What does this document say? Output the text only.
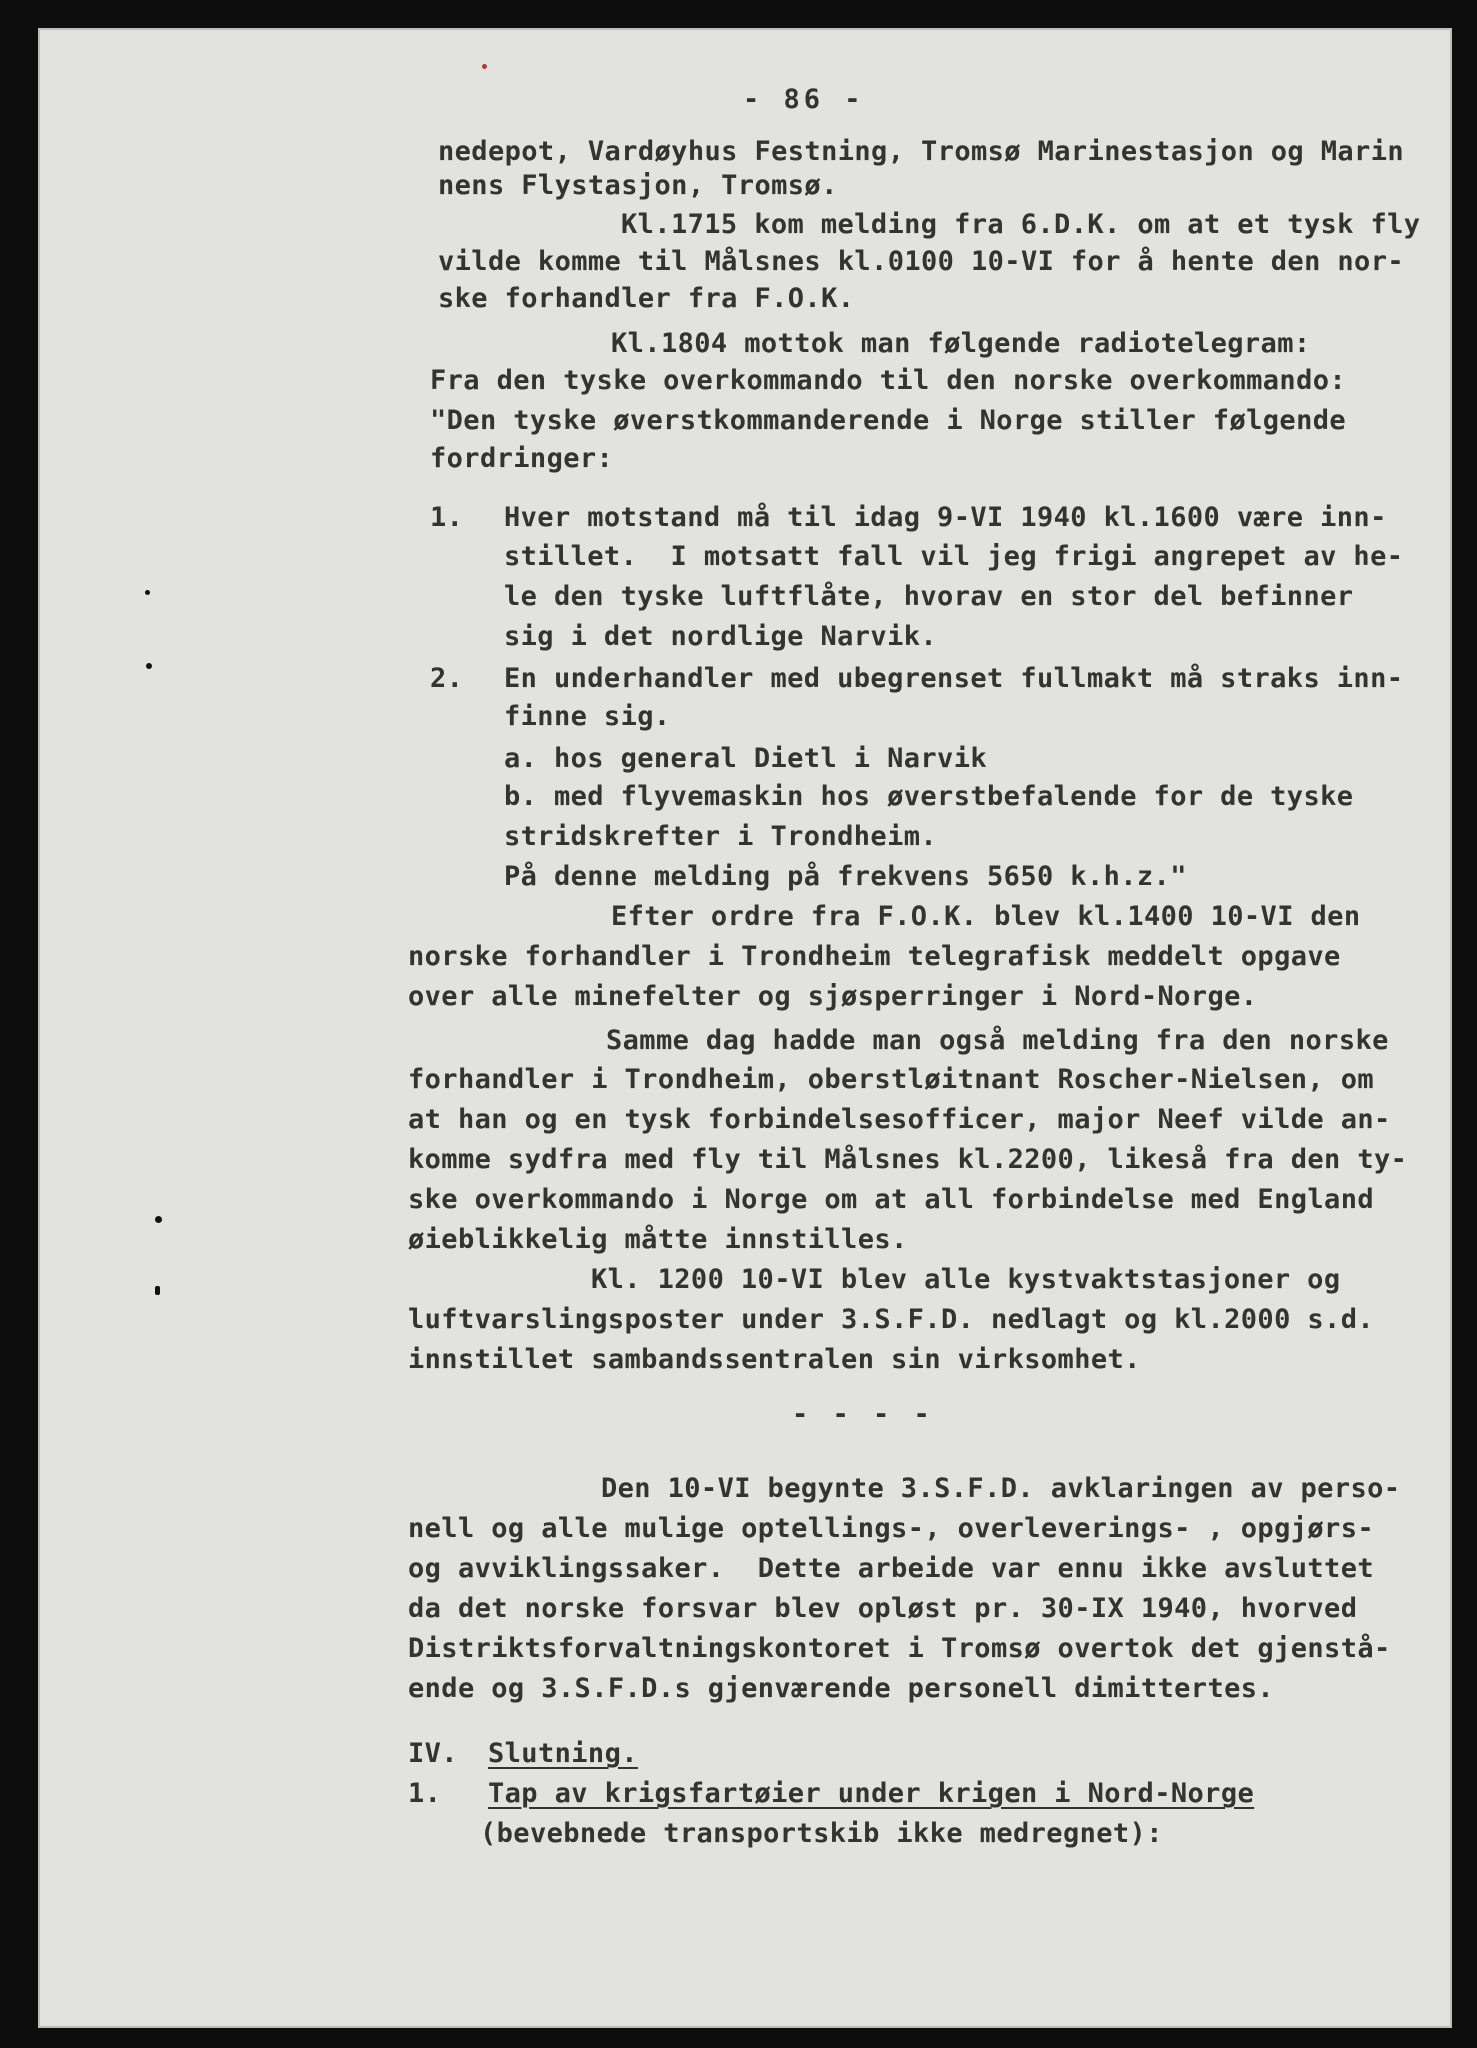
- 86 -
nedepot, Vardøyhus Festning, Tromsø Marinestasjon og Marin
nens Flystasjon, Tromsø.
Kl.1715 kom melding fra 6.D.K. om at et tysk fly
vilde komme til Målsnes kl.0100 10-VI for å hente den nor-
ske forhandler fra F.O.K.
Kl.1804 mottok man følgende radiotelegram:
Fra den tyske overkommando til den norske overkommando:
"Den tyske øverstkommanderende i Norge stiller følgende
fordringer:
1. Hver motstand må til idag 9-VI 1940 kl.1600 være inn-
stillet.  I motsatt fall vil jeg frigi angrepet av he-
le den tyske luftflåte, hvorav en stor del befinner
sig i det nordlige Narvik.
2. En underhandler med ubegrenset fullmakt må straks inn-
finne sig.
a. hos general Dietl i Narvik
b. med flyvemaskin hos øverstbefalende for de tyske
stridskrefter i Trondheim.
På denne melding på frekvens 5650 k.h.z."
Efter ordre fra F.O.K. blev kl.1400 10-VI den
norske forhandler i Trondheim telegrafisk meddelt opgave
over alle minefelter og sjøsperringer i Nord-Norge.
Samme dag hadde man også melding fra den norske
forhandler i Trondheim, oberstløitnant Roscher-Nielsen, om
at han og en tysk forbindelsesofficer, major Neef vilde an-
komme sydfra med fly til Målsnes kl.2200, likeså fra den ty-
ske overkommando i Norge om at all forbindelse med England
øieblikkelig måtte innstilles.
Kl. 1200 10-VI blev alle kystvaktstasjoner og
luftvarslingsposter under 3.S.F.D. nedlagt og kl.2000 s.d.
innstillet sambandssentralen sin virksomhet.
- - - -
Den 10-VI begynte 3.S.F.D. avklaringen av perso-
nell og alle mulige optellings-, overleverings- , opgjørs-
og avviklingssaker.  Dette arbeide var ennu ikke avsluttet
da det norske forsvar blev opløst pr. 30-IX 1940, hvorved
Distriktsforvaltningskontoret i Tromsø overtok det gjenstå-
ende og 3.S.F.D.s gjenværende personell dimittertes.
IV. Slutning.
1. Tap av krigsfartøier under krigen i Nord-Norge
(bevebnede transportskib ikke medregnet):
